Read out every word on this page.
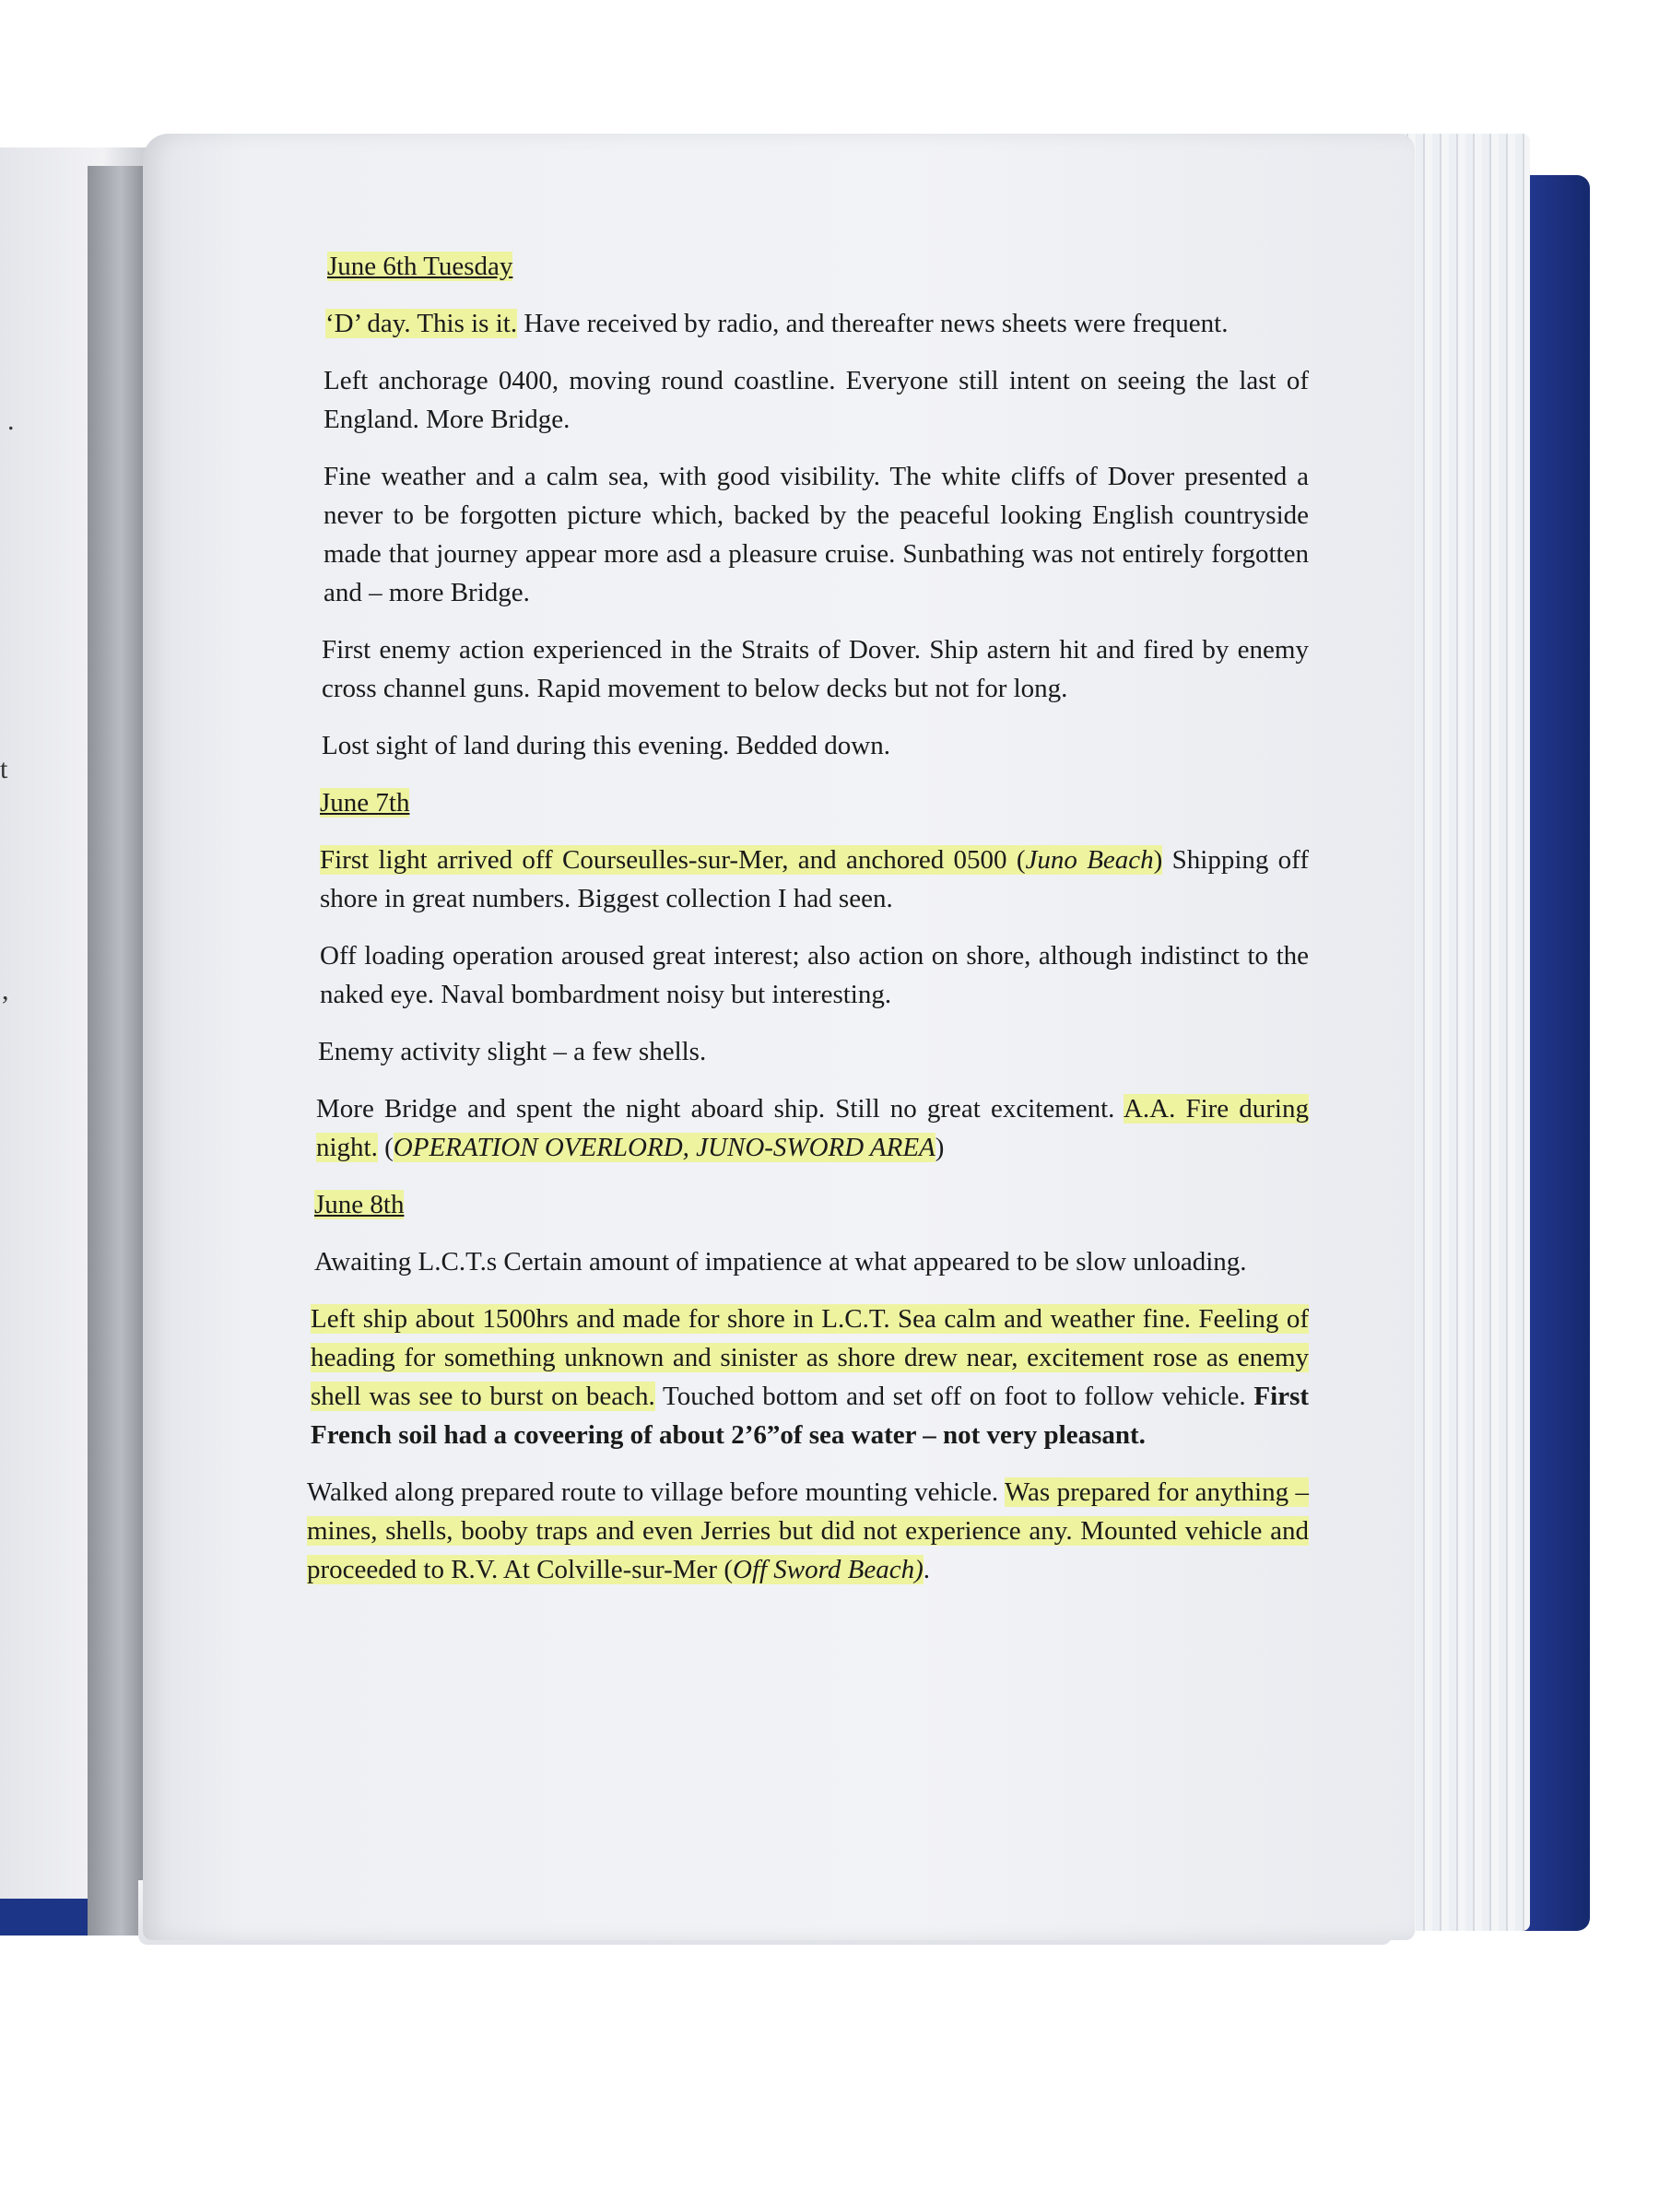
.
t
,
June 6th Tuesday

‘D’ day. This is it. Have received by radio, and thereafter news sheets were frequent.

Left anchorage 0400, moving round coastline. Everyone still intent on seeing the last of England. More Bridge.

Fine weather and a calm sea, with good visibility. The white cliffs of Dover presented a never to be forgotten picture which, backed by the peaceful looking English countryside made that journey appear more asd a pleasure cruise. Sunbathing was not entirely forgotten and – more Bridge.

First enemy action experienced in the Straits of Dover. Ship astern hit and fired by enemy cross channel guns. Rapid movement to below decks but not for long.

Lost sight of land during this evening. Bedded down.

June 7th

First light arrived off Courseulles-sur-Mer, and anchored 0500 (Juno Beach) Shipping off shore in great numbers. Biggest collection I had seen.

Off loading operation aroused great interest; also action on shore, although indistinct to the naked eye. Naval bombardment noisy but interesting.

Enemy activity slight – a few shells.

More Bridge and spent the night aboard ship. Still no great excitement. A.A. Fire during night. (OPERATION OVERLORD, JUNO-SWORD AREA)

June 8th

Awaiting L.C.T.s Certain amount of impatience at what appeared to be slow unloading.

Left ship about 1500hrs and made for shore in L.C.T. Sea calm and weather fine. Feeling of heading for something unknown and sinister as shore drew near, excitement rose as enemy shell was see to burst on beach. Touched bottom and set off on foot to follow vehicle. First French soil had a coveering of about 2’6”of sea water – not very pleasant.

Walked along prepared route to village before mounting vehicle. Was prepared for anything – mines, shells, booby traps and even Jerries but did not experience any. Mounted vehicle and proceeded to R.V. At Colville-sur-Mer (Off Sword Beach).
